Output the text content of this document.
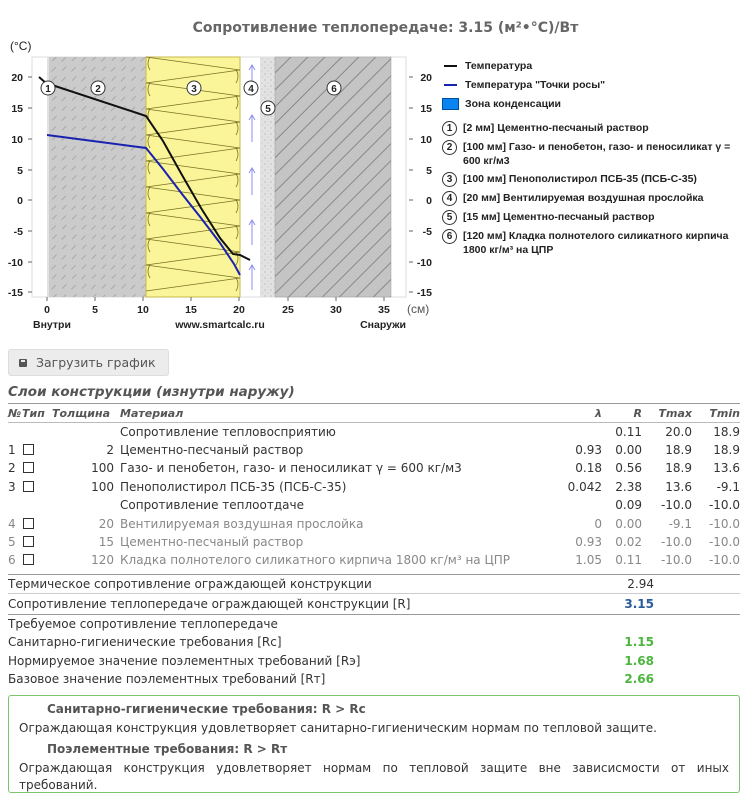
Сопротивление теплопередаче: 3.15 (м²•°С)/Вт
1	2	3	4
5
6
(°С)
20
15
10
5
0
-5
-10
-15
20
15
10
5
0
-5
-10
-15
0	5	10	15	20	25	30	35 (см)
Внутри	www.smartcalc.ru	Снаружи
Температура
Температура "Точки росы"
Зона конденсации
1	[2 мм] Цементно-песчаный раствор
2	[100 мм] Газо- и пенобетон, газо- и пеносиликат γ = 600 кг/м3
3	[100 мм] Пенополистирол ПСБ-35 (ПСБ-С-35)
4	[20 мм] Вентилируемая воздушная прослойка
5	[15 мм] Цементно-песчаный раствор
6	[120 мм] Кладка полнотелого силикатного кирпича 1800 кг/м³ на ЦПР
Загрузить график
Слои конструкции (изнутри наружу)
№	Тип	Толщина		Материал	λ	R	Tmax	Tmin
				Сопротивление тепловосприятию		0.11	20.0	18.9
1		2		Цементно-песчаный раствор	0.93	0.00	18.9	18.9
2		100		Газо- и пенобетон, газо- и пеносиликат γ = 600 кг/м3	0.18	0.56	18.9	13.6
3		100		Пенополистирол ПСБ-35 (ПСБ-С-35)	0.042	2.38	13.6	-9.1
				Сопротивление теплоотдаче		0.09	-10.0	-10.0
4		20		Вентилируемая воздушная прослойка	0	0.00	-9.1	-10.0
5		15		Цементно-песчаный раствор	0.93	0.02	-10.0	-10.0
6		120		Кладка полнотелого силикатного кирпича 1800 кг/м³ на ЦПР	1.05	0.11	-10.0	-10.0
Термическое сопротивление ограждающей конструкции	2.94
Сопротивление теплопередаче ограждающей конструкции [R]	3.15
Требуемое сопротивление теплопередаче
Санитарно-гигиенические требования [Rc]	1.15
Нормируемое значение поэлементных требований [Rэ]	1.68
Базовое значение поэлементных требований [Rт]	2.66
Санитарно-гигиенические требования: R > Rc
Ограждающая конструкция удовлетворяет санитарно-гигиеническим нормам по тепловой защите.
Поэлементные требования: R > Rт
Ограждающая конструкция удовлетворяет нормам по тепловой защите вне зависисмости от иных требований.
